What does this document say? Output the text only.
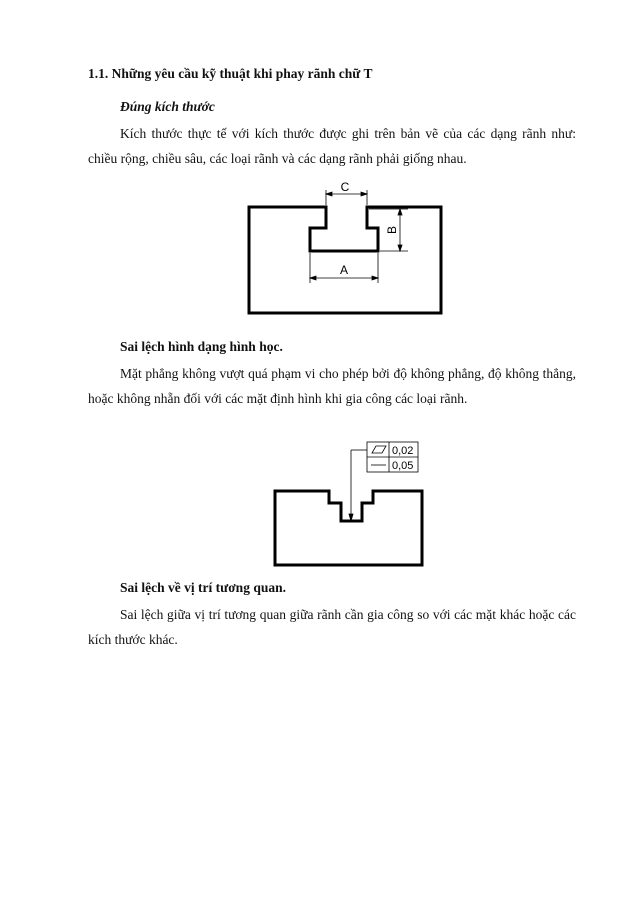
1.1. Những yêu cầu kỹ thuật khi phay rãnh chữ T
Đúng kích thước

Kích thước thực tế với kích thước được ghi trên bản vẽ của các dạng rãnh như: chiều rộng, chiều sâu, các loại rãnh và các dạng rãnh phải giống nhau.

C
B
A
Sai lệch hình dạng hình học.

Mặt phẳng không vượt quá phạm vi cho phép bởi độ không phẳng, độ không thẳng, hoặc không nhẵn đối với các mặt định hình khi gia công các loại rãnh.

0,02
0,05
Sai lệch về vị trí tương quan.

Sai lệch giữa vị trí tương quan giữa rãnh cần gia công so với các mặt khác hoặc các kích thước khác.
